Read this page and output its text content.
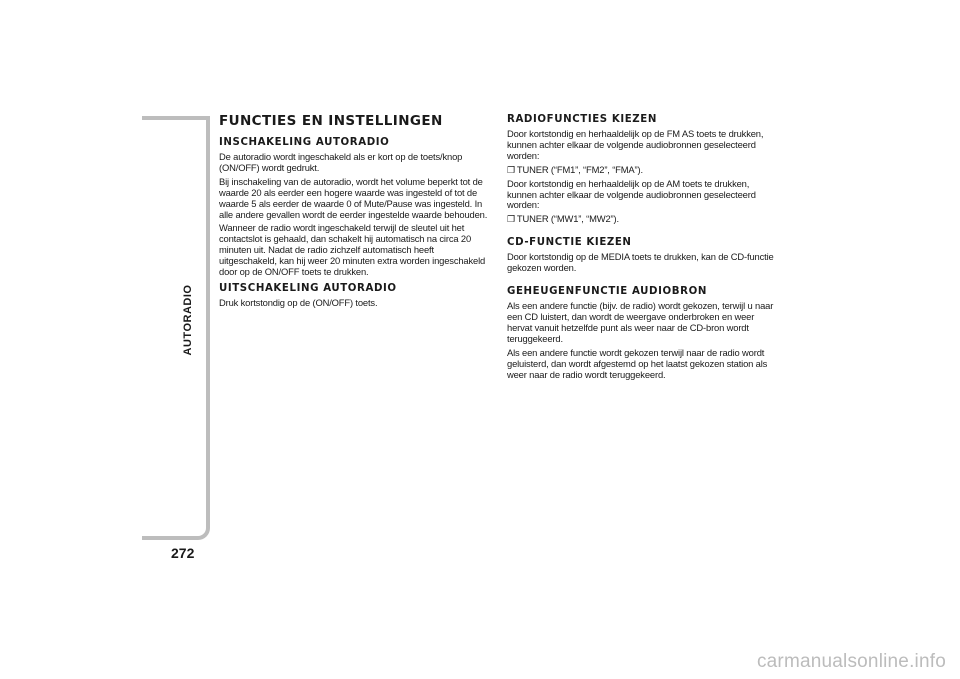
AUTORADIO
272
FUNCTIES EN INSTELLINGEN
INSCHAKELING AUTORADIO
De autoradio wordt ingeschakeld als er kort op de toets/knop (ON/OFF) wordt gedrukt.
Bij inschakeling van de autoradio, wordt het volume beperkt tot de waarde 20 als eerder een hogere waarde was ingesteld of tot de waarde 5 als eerder de waarde 0 of Mute/Pause was ingesteld. In alle andere gevallen wordt de eerder ingestelde waarde behouden.
Wanneer de radio wordt ingeschakeld terwijl de sleutel uit het contactslot is gehaald, dan schakelt hij automatisch na circa 20 minuten uit. Nadat de radio zichzelf automatisch heeft uitgeschakeld, kan hij weer 20 minuten extra worden ingeschakeld door op de ON/OFF toets te drukken.
UITSCHAKELING AUTORADIO
Druk kortstondig op de (ON/OFF) toets.
RADIOFUNCTIES KIEZEN
Door kortstondig en herhaaldelijk op de FM AS toets te drukken, kunnen achter elkaar de volgende audiobronnen geselecteerd worden:
❒ TUNER (“FM1”, “FM2”, “FMA”).
Door kortstondig en herhaaldelijk op de AM toets te drukken, kunnen achter elkaar de volgende audiobronnen geselecteerd worden:
❒ TUNER (“MW1”, “MW2”).
CD-FUNCTIE KIEZEN
Door kortstondig op de MEDIA toets te drukken, kan de CD-functie gekozen worden.
GEHEUGENFUNCTIE AUDIOBRON
Als een andere functie (bijv. de radio) wordt gekozen, terwijl u naar een CD luistert, dan wordt de weergave onderbroken en weer hervat vanuit hetzelfde punt als weer naar de CD-bron wordt teruggekeerd.
Als een andere functie wordt gekozen terwijl naar de radio wordt geluisterd, dan wordt afgestemd op het laatst gekozen station als weer naar de radio wordt teruggekeerd.
carmanualsonline.info
